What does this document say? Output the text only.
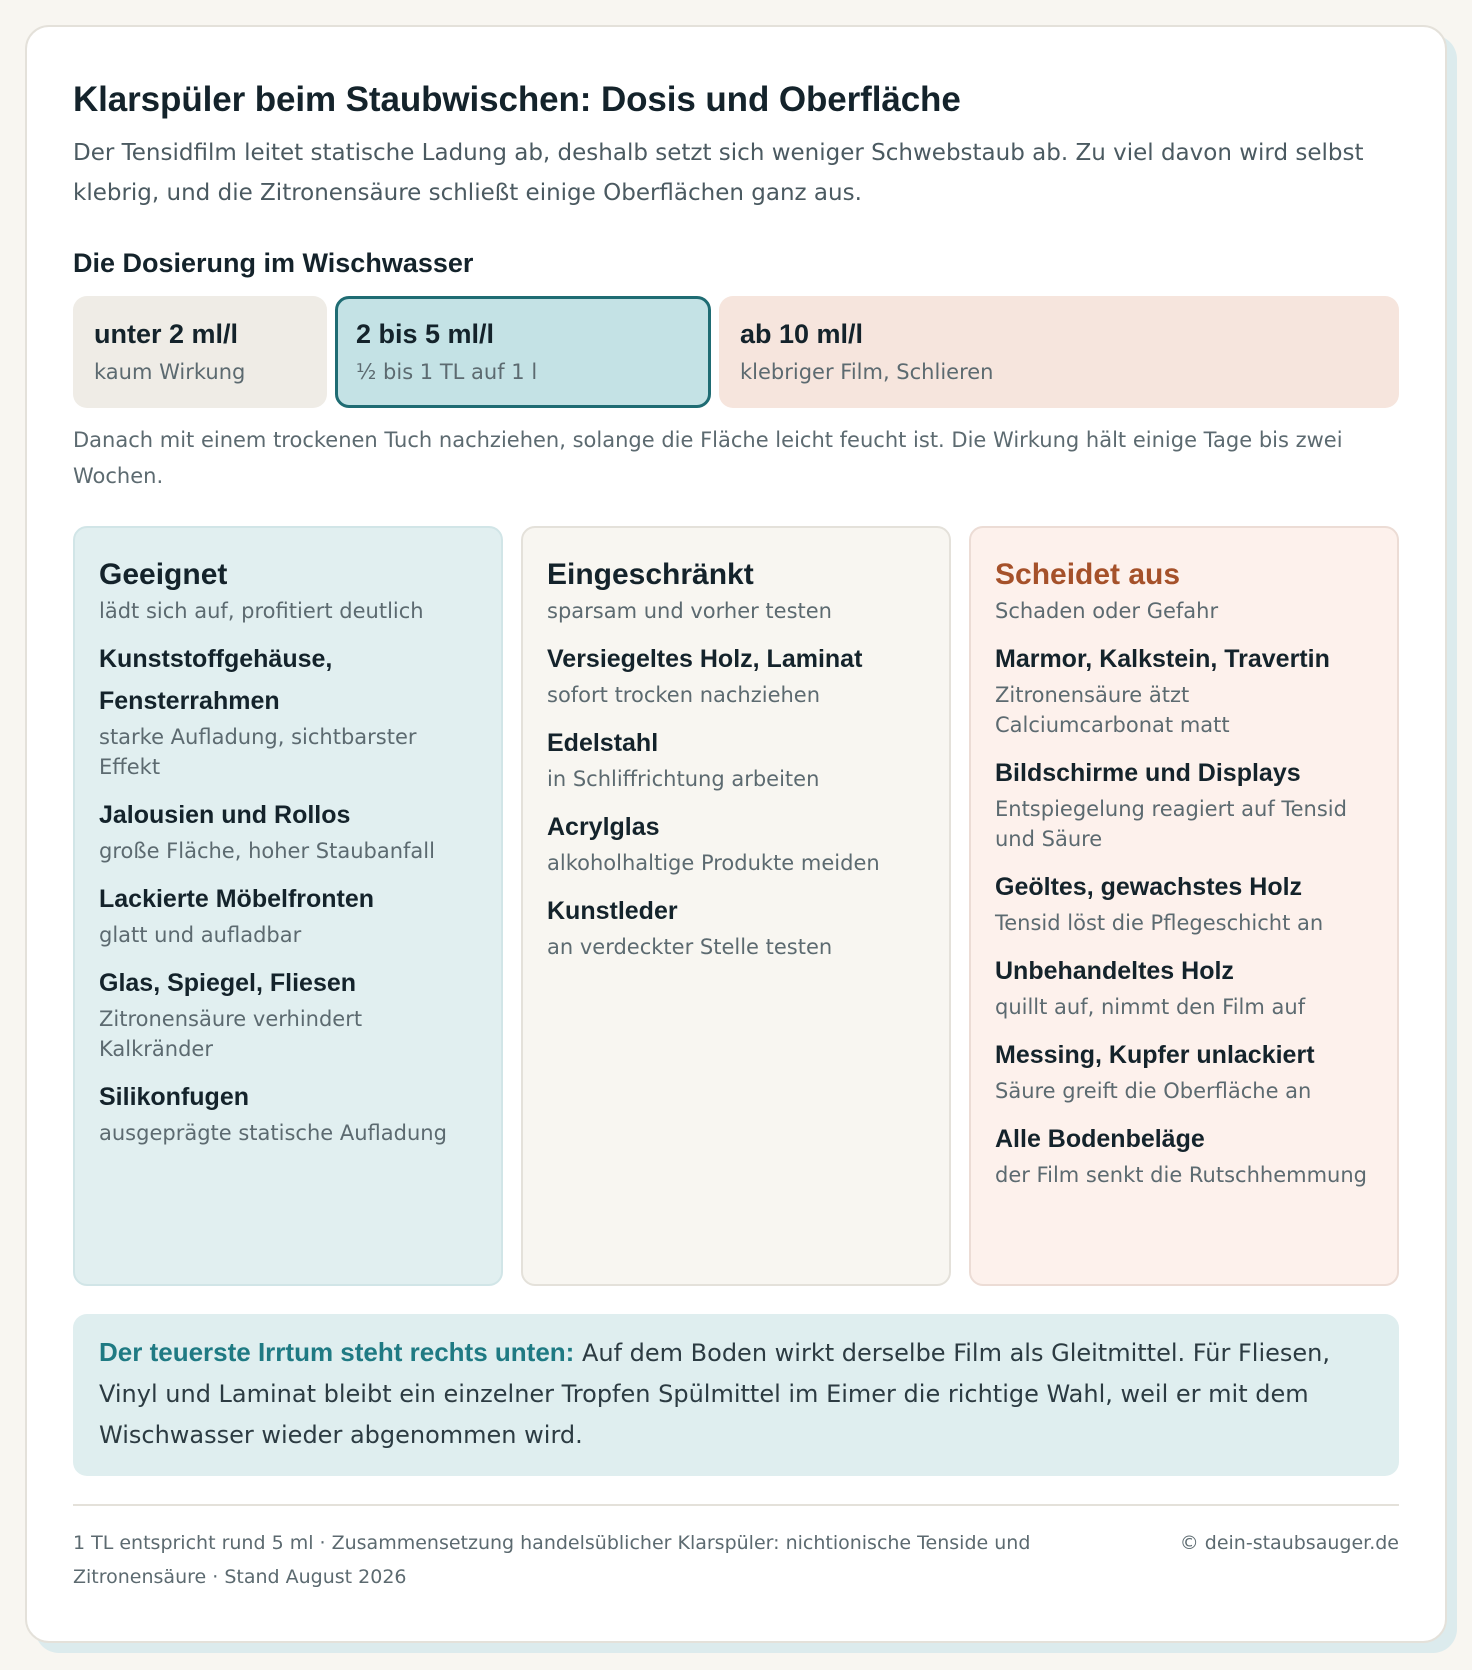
Klarspüler beim Staubwischen: Dosis und Oberfläche

Der Tensidfilm leitet statische Ladung ab, deshalb setzt sich weniger Schwebstaub ab. Zu viel davon wird selbst klebrig, und die Zitronensäure schließt einige Oberflächen ganz aus.

Die Dosierung im Wischwasser
unter 2 ml/l
kaum Wirkung
2 bis 5 ml/l
½ bis 1 TL auf 1 l
ab 10 ml/l
klebriger Film, Schlieren

Danach mit einem trockenen Tuch nachziehen, solange die Fläche leicht feucht ist. Die Wirkung hält einige Tage bis zwei Wochen.

Geeignet
lädt sich auf, profitiert deutlich
Kunststoffgehäuse, Fensterrahmen
starke Aufladung, sichtbarster Effekt
Jalousien und Rollos
große Fläche, hoher Staubanfall
Lackierte Möbelfronten
glatt und aufladbar
Glas, Spiegel, Fliesen
Zitronensäure verhindert Kalkränder
Silikonfugen
ausgeprägte statische Aufladung
Eingeschränkt
sparsam und vorher testen
Versiegeltes Holz, Laminat
sofort trocken nachziehen
Edelstahl
in Schliffrichtung arbeiten
Acrylglas
alkoholhaltige Produkte meiden
Kunstleder
an verdeckter Stelle testen
Scheidet aus
Schaden oder Gefahr
Marmor, Kalkstein, Travertin
Zitronensäure ätzt Calciumcarbonat matt
Bildschirme und Displays
Entspiegelung reagiert auf Tensid und Säure
Geöltes, gewachstes Holz
Tensid löst die Pflegeschicht an
Unbehandeltes Holz
quillt auf, nimmt den Film auf
Messing, Kupfer unlackiert
Säure greift die Oberfläche an
Alle Bodenbeläge
der Film senkt die Rutschhemmung
Der teuerste Irrtum steht rechts unten: Auf dem Boden wirkt derselbe Film als Gleitmittel. Für Fliesen, Vinyl und Laminat bleibt ein einzelner Tropfen Spülmittel im Eimer die richtige Wahl, weil er mit dem Wischwasser wieder abgenommen wird.
1 TL entspricht rund 5 ml · Zusammensetzung handelsüblicher Klarspüler: nichtionische Tenside und Zitronensäure · Stand August 2026
© dein-staubsauger.de
